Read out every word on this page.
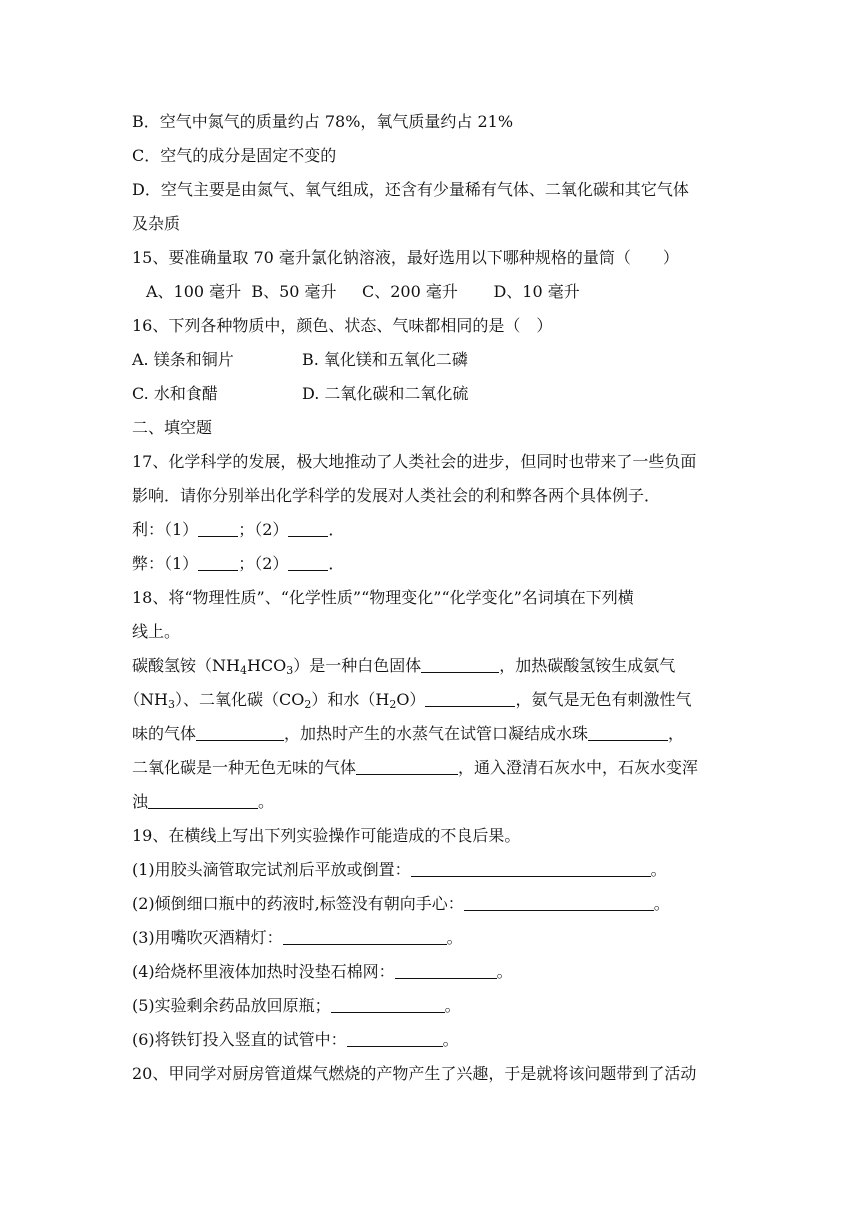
B．空气中氮气的质量约占 78%，氧气质量约占 21%
C．空气的成分是固定不变的
D．空气主要是由氮气、氧气组成，还含有少量稀有气体、二氧化碳和其它气体
及杂质
15、要准确量取 70 毫升氯化钠溶液，最好选用以下哪种规格的量筒（　　）
A、100 毫升  B、50 毫升     C、200 毫升       D、10 毫升
16、下列各种物质中，颜色、状态、气味都相同的是（　）
A. 镁条和铜片	B. 氧化镁和五氧化二磷
C. 水和食醋	D. 二氧化碳和二氧化硫
二、填空题
17、化学科学的发展，极大地推动了人类社会的进步，但同时也带来了一些负面
影响．请你分别举出化学科学的发展对人类社会的利和弊各两个具体例子．
利：（1）	；（2）	．
弊：（1）	；（2）	．
18、将“物理性质”、“化学性质”“物理变化”“化学变化”名词填在下列横
线上。
碳酸氢铵$(NH_4HCO_3)$是一种白色固体	，加热碳酸氢铵生成氨气
$(NH_3)$、二氧化碳$(CO_2)$和水$(H_2O)$	，氨气是无色有刺激性气
味的气体	，加热时产生的水蒸气在试管口凝结成水珠	，
二氧化碳是一种无色无味的气体	，通入澄清石灰水中，石灰水变浑
浊	。
19、在横线上写出下列实验操作可能造成的不良后果。
(1)用胶头滴管取完试剂后平放或倒置：	。
(2)倾倒细口瓶中的药液时,标签没有朝向手心：	。
(3)用嘴吹灭酒精灯：	。
(4)给烧杯里液体加热时没垫石棉网：	。
(5)实验剩余药品放回原瓶；	。
(6)将铁钉投入竖直的试管中：	。
20、甲同学对厨房管道煤气燃烧的产物产生了兴趣，于是就将该问题带到了活动
